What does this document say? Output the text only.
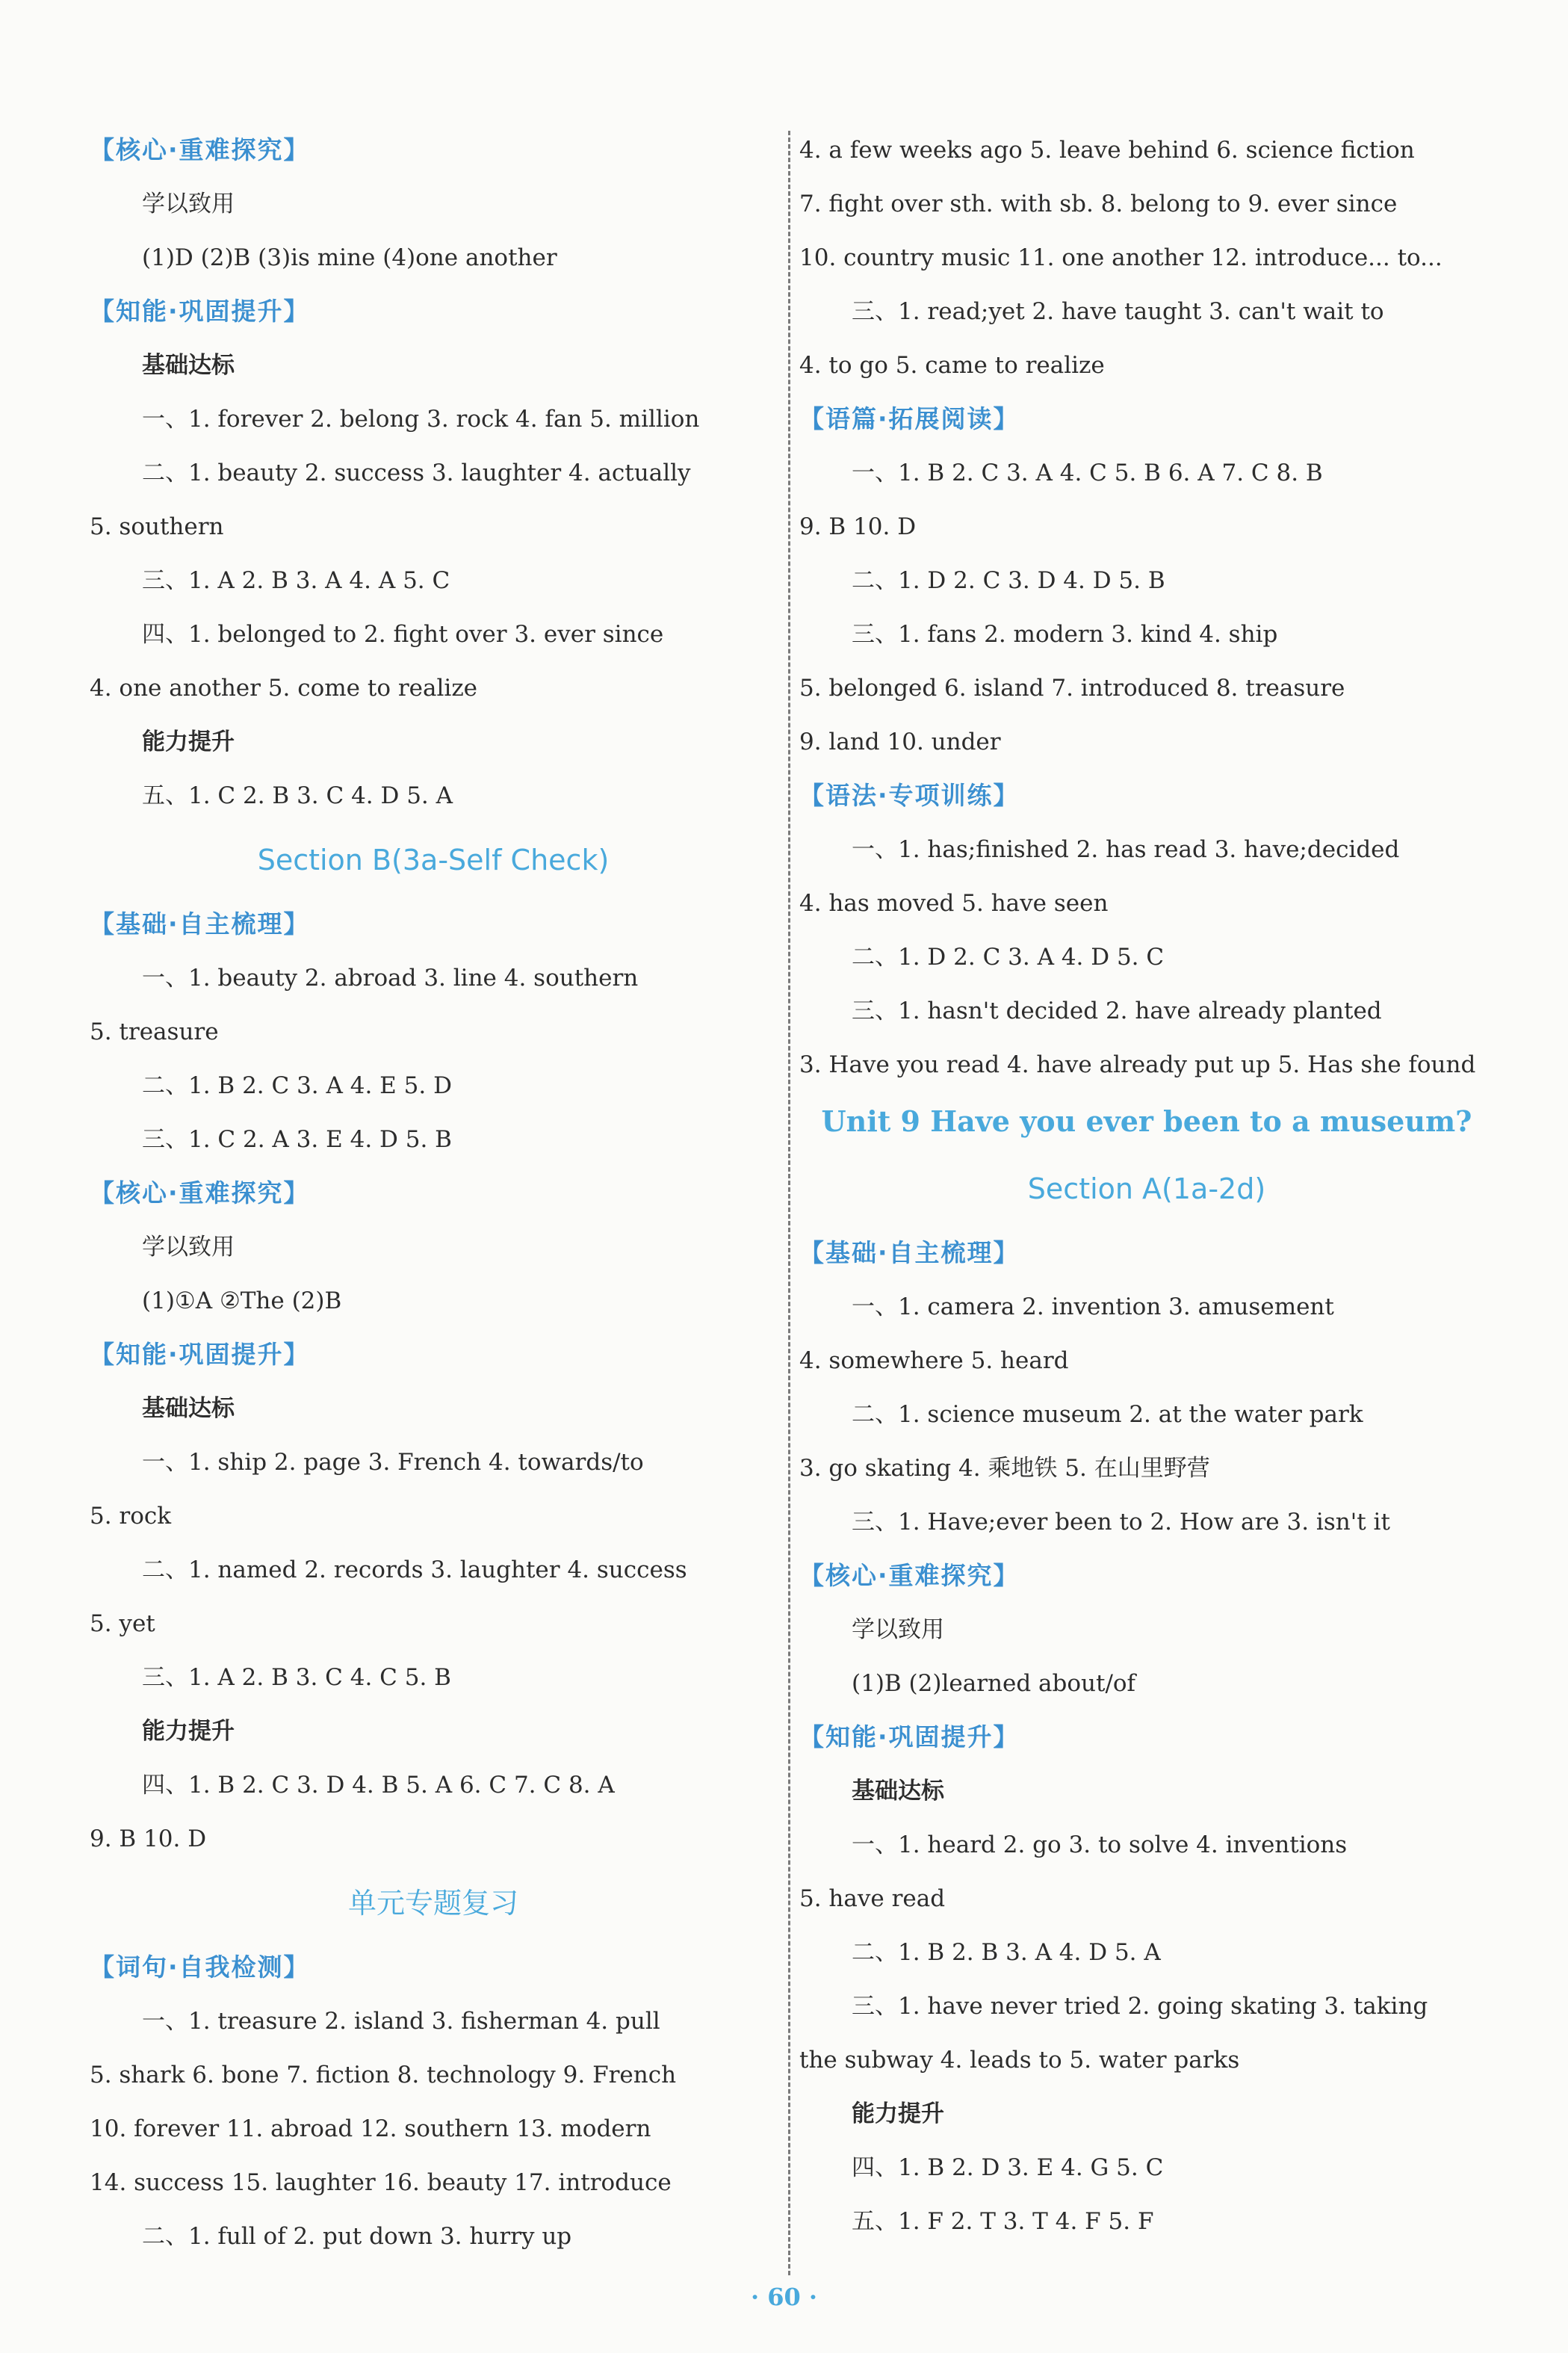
【核心·重难探究】
学以致用
(1)D (2)B (3)is mine (4)one another
【知能·巩固提升】
基础达标
一、1. forever 2. belong 3. rock 4. fan 5. million
二、1. beauty 2. success 3. laughter 4. actually
5. southern
三、1. A 2. B 3. A 4. A 5. C
四、1. belonged to 2. fight over 3. ever since
4. one another 5. come to realize
能力提升
五、1. C 2. B 3. C 4. D 5. A
Section B(3a-Self Check)
【基础·自主梳理】
一、1. beauty 2. abroad 3. line 4. southern
5. treasure
二、1. B 2. C 3. A 4. E 5. D
三、1. C 2. A 3. E 4. D 5. B
【核心·重难探究】
学以致用
(1)①A ②The (2)B
【知能·巩固提升】
基础达标
一、1. ship 2. page 3. French 4. towards/to
5. rock
二、1. named 2. records 3. laughter 4. success
5. yet
三、1. A 2. B 3. C 4. C 5. B
能力提升
四、1. B 2. C 3. D 4. B 5. A 6. C 7. C 8. A
9. B 10. D
单元专题复习
【词句·自我检测】
一、1. treasure 2. island 3. fisherman 4. pull
5. shark 6. bone 7. fiction 8. technology 9. French
10. forever 11. abroad 12. southern 13. modern
14. success 15. laughter 16. beauty 17. introduce
二、1. full of 2. put down 3. hurry up
4. a few weeks ago 5. leave behind 6. science fiction
7. fight over sth. with sb. 8. belong to 9. ever since
10. country music 11. one another 12. introduce... to...
三、1. read;yet 2. have taught 3. can't wait to
4. to go 5. came to realize
【语篇·拓展阅读】
一、1. B 2. C 3. A 4. C 5. B 6. A 7. C 8. B
9. B 10. D
二、1. D 2. C 3. D 4. D 5. B
三、1. fans 2. modern 3. kind 4. ship
5. belonged 6. island 7. introduced 8. treasure
9. land 10. under
【语法·专项训练】
一、1. has;finished 2. has read 3. have;decided
4. has moved 5. have seen
二、1. D 2. C 3. A 4. D 5. C
三、1. hasn't decided 2. have already planted
3. Have you read 4. have already put up 5. Has she found
Unit 9 Have you ever been to a museum?
Section A(1a-2d)
【基础·自主梳理】
一、1. camera 2. invention 3. amusement
4. somewhere 5. heard
二、1. science museum 2. at the water park
3. go skating 4. 乘地铁 5. 在山里野营
三、1. Have;ever been to 2. How are 3. isn't it
【核心·重难探究】
学以致用
(1)B (2)learned about/of
【知能·巩固提升】
基础达标
一、1. heard 2. go 3. to solve 4. inventions
5. have read
二、1. B 2. B 3. A 4. D 5. A
三、1. have never tried 2. going skating 3. taking
the subway 4. leads to 5. water parks
能力提升
四、1. B 2. D 3. E 4. G 5. C
五、1. F 2. T 3. T 4. F 5. F
· 60 ·
